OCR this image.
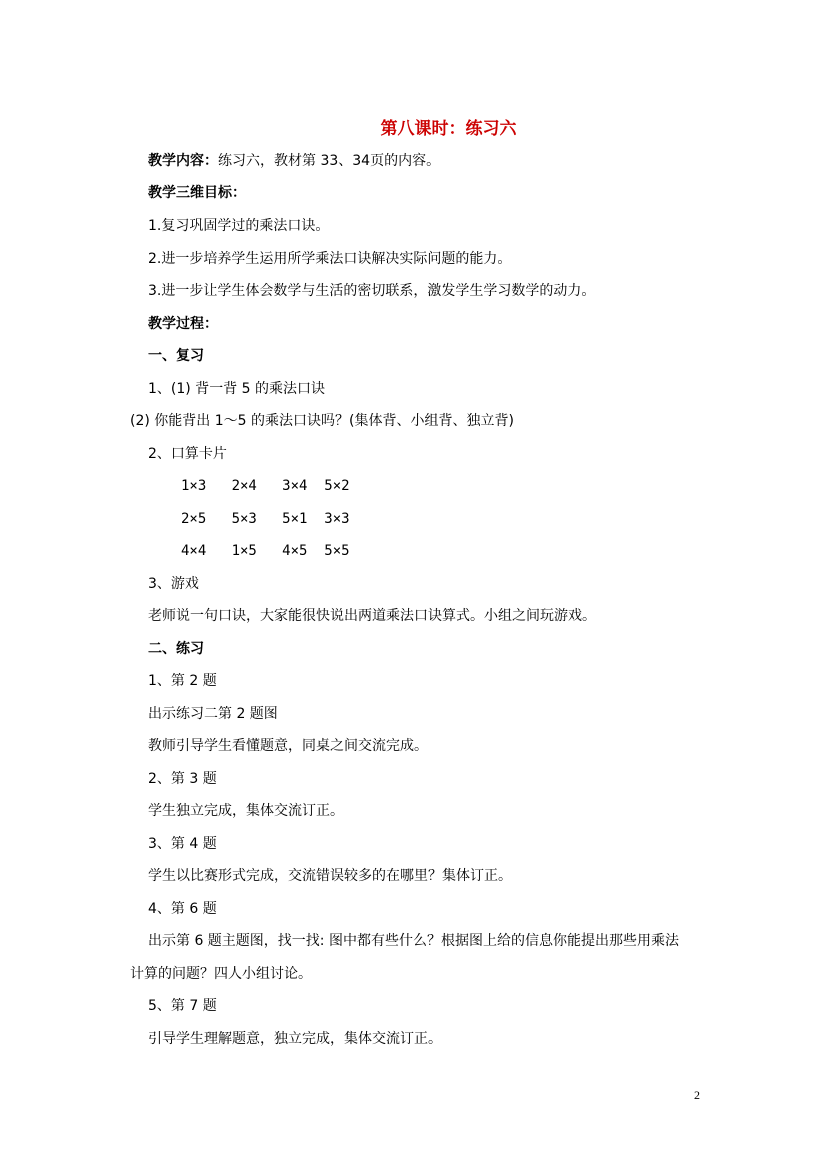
第八课时：练习六
教学内容：练习六，教材第 33、34页的内容。
教学三维目标：
1.复习巩固学过的乘法口诀。
2.进一步培养学生运用所学乘法口诀解决实际问题的能力。
3.进一步让学生体会数学与生活的密切联系，激发学生学习数学的动力。
教学过程：
一、复习
1、(1) 背一背 5 的乘法口诀
(2) 你能背出 1～5 的乘法口诀吗？(集体背、小组背、独立背)
2、口算卡片
1×3   2×4   3×4  5×2
2×5   5×3   5×1  3×3
4×4   1×5   4×5  5×5
3、游戏
老师说一句口诀，大家能很快说出两道乘法口诀算式。小组之间玩游戏。
二、练习
1、第 2 题
出示练习二第 2 题图
教师引导学生看懂题意，同桌之间交流完成。
2、第 3 题
学生独立完成，集体交流订正。
3、第 4 题
学生以比赛形式完成，交流错误较多的在哪里？集体订正。
4、第 6 题
出示第 6 题主题图，找一找: 图中都有些什么？根据图上给的信息你能提出那些用乘法
计算的问题？四人小组讨论。
5、第 7 题
引导学生理解题意，独立完成，集体交流订正。
2
